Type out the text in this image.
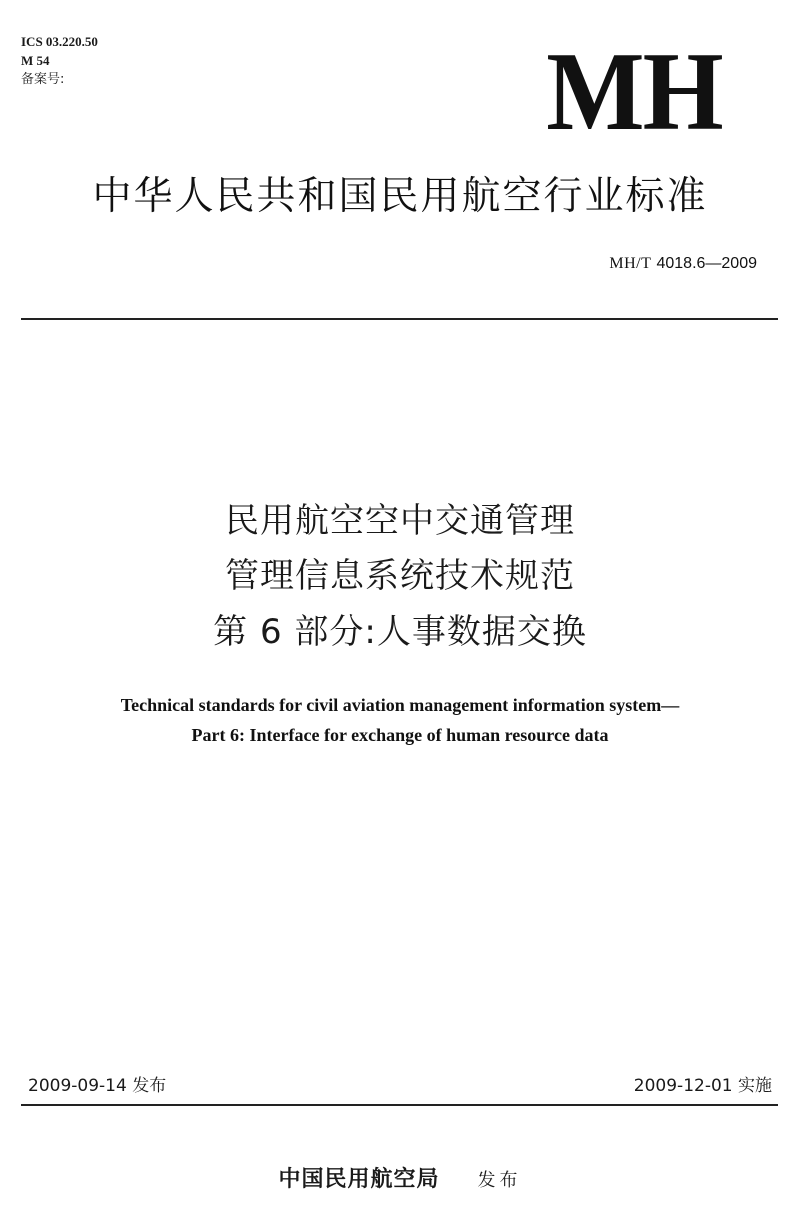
ICS 03.220.50
M 54
备案号:	MH
中华人民共和国民用航空行业标准
MH/T 4018.6—2009
民用航空空中交通管理
管理信息系统技术规范
第 6 部分:人事数据交换
Technical standards for civil aviation management information system—
Part 6: Interface for exchange of human resource data
2009-09-14 发布	2009-12-01 实施
中国民用航空局 发布
